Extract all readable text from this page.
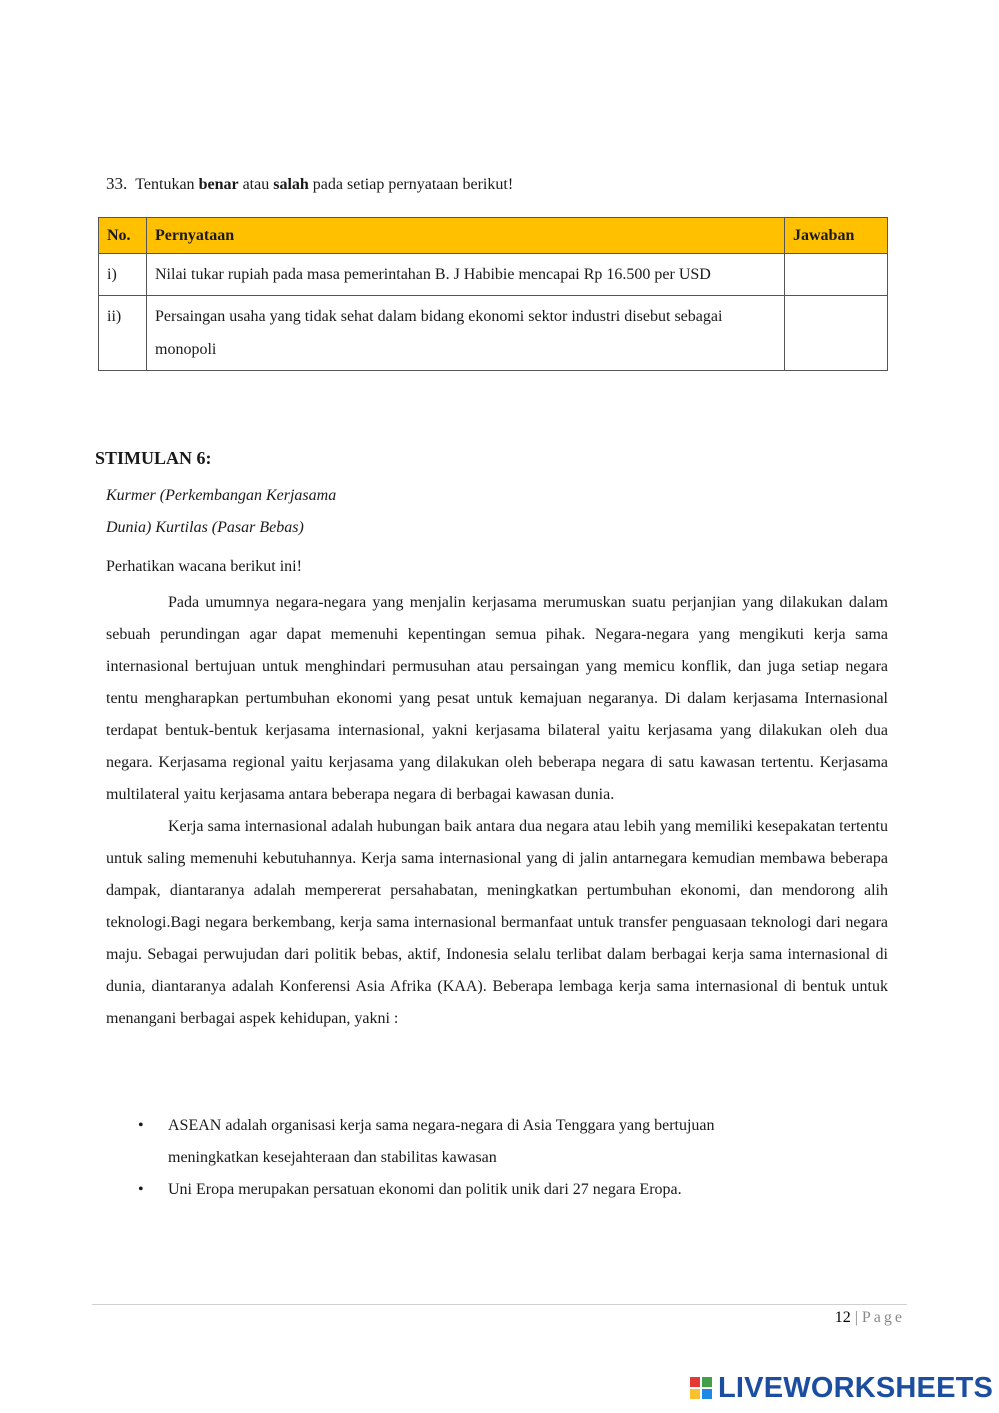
33. Tentukan benar atau salah pada setiap pernyataan berikut!
No.	Pernyataan	Jawaban
i)	Nilai tukar rupiah pada masa pemerintahan B. J Habibie mencapai Rp 16.500 per USD	
ii)	Persaingan usaha yang tidak sehat dalam bidang ekonomi sektor industri disebut sebagai monopoli	
STIMULAN 6:
Kurmer (Perkembangan Kerjasama
Dunia) Kurtilas (Pasar Bebas)
Perhatikan wacana berikut ini!

Pada umumnya negara-negara yang menjalin kerjasama merumuskan suatu perjanjian yang dilakukan dalam sebuah perundingan agar dapat memenuhi kepentingan semua pihak. Negara-negara yang mengikuti kerja sama internasional bertujuan untuk menghindari permusuhan atau persaingan yang memicu konflik, dan juga setiap negara tentu mengharapkan pertumbuhan ekonomi yang pesat untuk kemajuan negaranya. Di dalam kerjasama Internasional terdapat bentuk-bentuk kerjasama internasional, yakni kerjasama bilateral yaitu kerjasama yang dilakukan oleh dua negara. Kerjasama regional yaitu kerjasama yang dilakukan oleh beberapa negara di satu kawasan tertentu. Kerjasama multilateral yaitu kerjasama antara beberapa negara di berbagai kawasan dunia.

Kerja sama internasional adalah hubungan baik antara dua negara atau lebih yang memiliki kesepakatan tertentu untuk saling memenuhi kebutuhannya. Kerja sama internasional yang di jalin antarnegara kemudian membawa beberapa dampak, diantaranya adalah mempererat persahabatan, meningkatkan pertumbuhan ekonomi, dan mendorong alih teknologi.Bagi negara berkembang, kerja sama internasional bermanfaat untuk transfer penguasaan teknologi dari negara maju. Sebagai perwujudan dari politik bebas, aktif, Indonesia selalu terlibat dalam berbagai kerja sama internasional di dunia, diantaranya adalah Konferensi Asia Afrika (KAA). Beberapa lembaga kerja sama internasional di bentuk untuk menangani berbagai aspek kehidupan, yakni :

• ASEAN adalah organisasi kerja sama negara-negara di Asia Tenggara yang bertujuan meningkatkan kesejahteraan dan stabilitas kawasan
• Uni Eropa merupakan persatuan ekonomi dan politik unik dari 27 negara Eropa.
12 | Page
LIVEWORKSHEETS
